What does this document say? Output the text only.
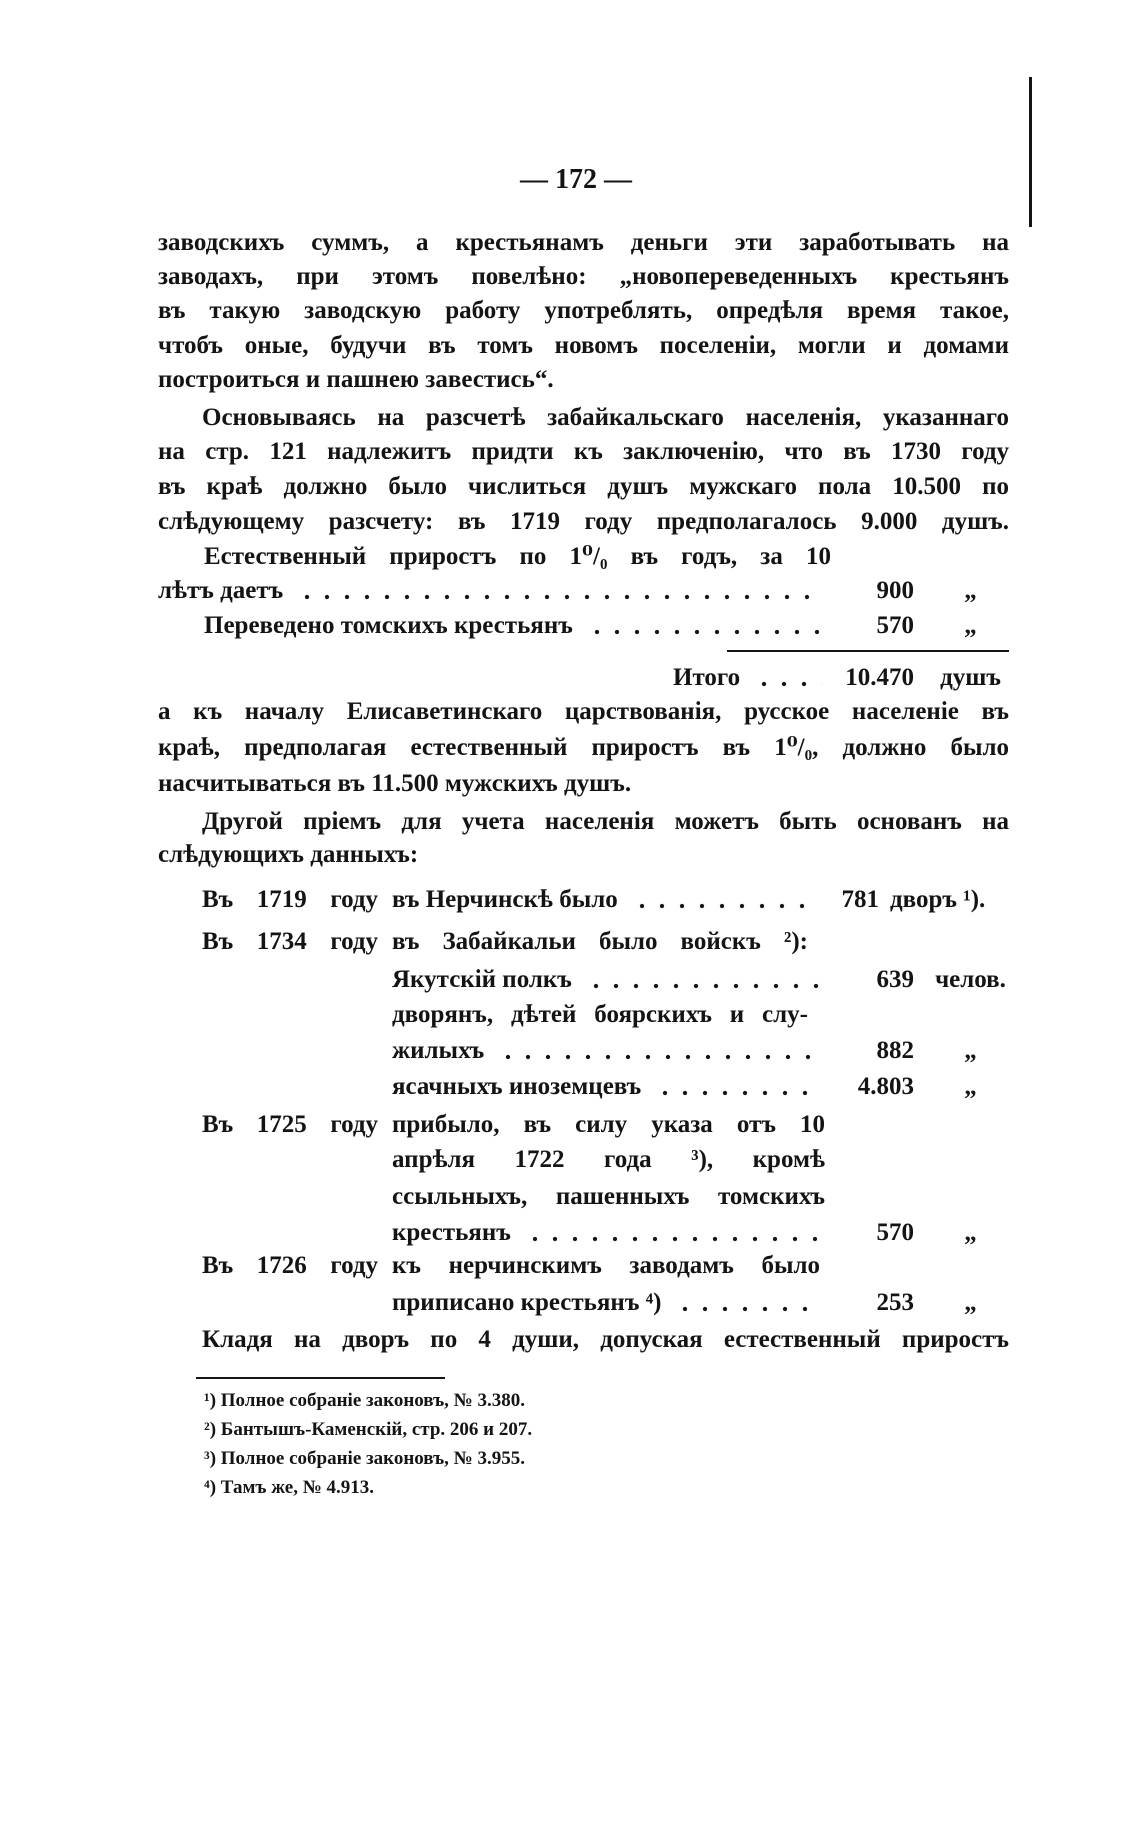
— 172 —
заводскихъ суммъ, а крестьянамъ деньги эти заработывать на
заводахъ, при этомъ повелѣно: „новопереведенныхъ крестьянъ
въ такую заводскую работу употреблять, опредѣля время такое,
чтобъ оные, будучи въ томъ новомъ поселеніи, могли и домами
построиться и пашнею завестись“.
Основываясь на разсчетѣ забайкальскаго населенія, указаннаго
на стр. 121 надлежитъ придти къ заключенію, что въ 1730 году
въ краѣ должно было числиться душъ мужскаго пола 10.500 по
слѣдующему разсчету: въ 1719 году предполагалось 9.000 душъ.
Естественный приростъ по 1⁰/₀ въ годъ, за 10
лѣтъ даетъ	900	„
Переведено томскихъ крестьянъ	570	„
Итого	10.470	душъ
а къ началу Елисаветинскаго царствованія, русское населеніе въ
краѣ, предполагая естественный приростъ въ 1⁰/₀, должно было
насчитываться въ 11.500 мужскихъ душъ.
Другой пріемъ для учета населенія можетъ быть основанъ на
слѣдующихъ данныхъ:
Въ 1719 году въ Нерчинскѣ было	781 дворъ ¹).
Въ 1734 году въ Забайкальи было войскъ ²):
Якутскій полкъ	639 челов.
дворянъ, дѣтей боярскихъ и слу-
жилыхъ	882	„
ясачныхъ иноземцевъ	4.803	„
Въ 1725 году прибыло, въ силу указа отъ 10
апрѣля 1722 года ³), кромѣ
ссыльныхъ, пашенныхъ томскихъ
крестьянъ	570	„
Въ 1726 году къ нерчинскимъ заводамъ было
приписано крестьянъ ⁴)	253	„
Кладя на дворъ по 4 души, допуская естественный приростъ
¹) Полное собраніе законовъ, № 3.380.
²) Бантышъ-Каменскій, стр. 206 и 207.
³) Полное собраніе законовъ, № 3.955.
⁴) Тамъ же, № 4.913.
